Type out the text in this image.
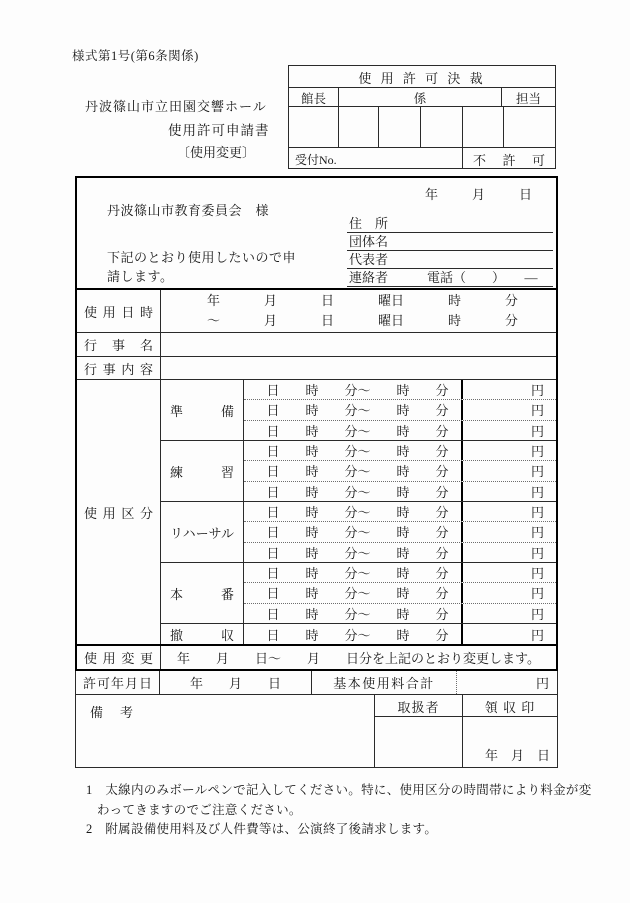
様式第1号(第6条関係)
丹波篠山市立田園交響ホール
使用許可申請書
〔使用変更〕
使 用 許 可 決 裁
館長	係	担当
受付No.	不　許　可
年	月	日
丹波篠山市教育委員会　様
下記のとおり使用したいので申
請します。
住　所
団体名
代表者
連絡者　　　電話（　　）　　―
使 用 日 時
年	月	日	曜日	時	分
～	月	日	曜日	時	分
行 事 名
行 事 内 容
使 用 区 分
準　備
日　　時　　分～　　時　　分	円
日　　時　　分～　　時　　分	円
日　　時　　分～　　時　　分	円
練　習
日　　時　　分～　　時　　分	円
日　　時　　分～　　時　　分	円
日　　時　　分～　　時　　分	円
リハーサル
日　　時　　分～　　時　　分	円
日　　時　　分～　　時　　分	円
日　　時　　分～　　時　　分	円
本　番
日　　時　　分～　　時　　分	円
日　　時　　分～　　時　　分	円
日　　時　　分～　　時　　分	円
撤　収	日　　時　　分～　　時　　分	円
使 用 変 更	年　　月　　日～　　月　　日分を上記のとおり変更します。
許可年月日	年　　月　　日	基本使用料合計	円
備　考	取扱者	領 収 印
年　月　日
1　太線内のみボールペンで記入してください。特に、使用区分の時間帯により料金が変
わってきますのでご注意ください。
2　附属設備使用料及び人件費等は、公演終了後請求します。
